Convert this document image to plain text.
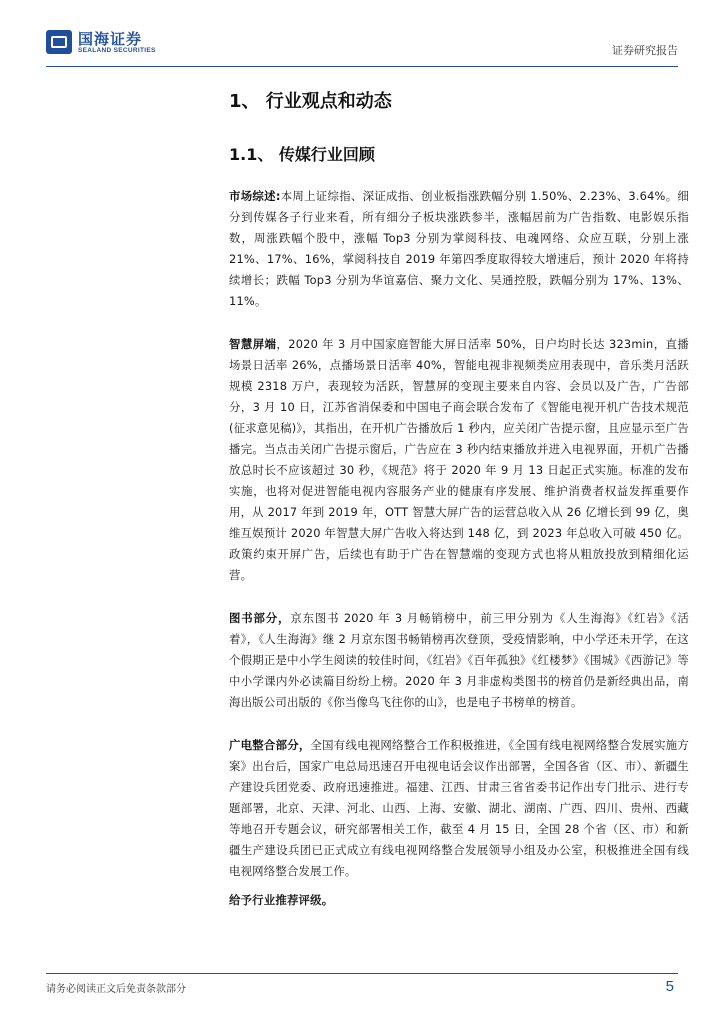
国海证券
SEALAND SECURITIES	证券研究报告
1、 行业观点和动态
1.1、 传媒行业回顾

市场综述:本周上证综指、深证成指、创业板指涨跌幅分别 1.50%、2.23%、3.64%。细分到传媒各子行业来看，所有细分子板块涨跌参半，涨幅居前为广告指数、电影娱乐指数，周涨跌幅个股中，涨幅 Top3 分别为掌阅科技、电魂网络、众应互联，分别上涨 21%、17%、16%，掌阅科技自 2019 年第四季度取得较大增速后，预计 2020 年将持续增长；跌幅 Top3 分别为华谊嘉信、聚力文化、吴通控股，跌幅分别为 17%、13%、11%。

智慧屏端，2020 年 3 月中国家庭智能大屏日活率 50%，日户均时长达 323min，直播场景日活率 26%，点播场景日活率 40%，智能电视非视频类应用表现中，音乐类月活跃规模 2318 万户，表现较为活跃，智慧屏的变现主要来自内容、会员以及广告，广告部分，3 月 10 日，江苏省消保委和中国电子商会联合发布了《智能电视开机广告技术规范(征求意见稿)》，其指出，在开机广告播放后 1 秒内，应关闭广告提示窗，且应显示至广告播完。当点击关闭广告提示窗后，广告应在 3 秒内结束播放并进入电视界面，开机广告播放总时长不应该超过 30 秒，《规范》将于 2020 年 9 月 13 日起正式实施。标准的发布实施，也将对促进智能电视内容服务产业的健康有序发展、维护消费者权益发挥重要作用，从 2017 年到 2019 年，OTT 智慧大屏广告的运营总收入从 26 亿增长到 99 亿，奥维互娱预计 2020 年智慧大屏广告收入将达到 148 亿，到 2023 年总收入可破 450 亿。政策约束开屏广告，后续也有助于广告在智慧端的变现方式也将从粗放投放到精细化运营。

图书部分，京东图书 2020 年 3 月畅销榜中，前三甲分别为《人生海海》《红岩》《活着》，《人生海海》继 2 月京东图书畅销榜再次登顶，受疫情影响，中小学还未开学，在这个假期正是中小学生阅读的较佳时间，《红岩》《百年孤独》《红楼梦》《围城》《西游记》等中小学课内外必读篇目纷纷上榜。2020 年 3 月非虚构类图书的榜首仍是新经典出品，南海出版公司出版的《你当像鸟飞往你的山》，也是电子书榜单的榜首。

广电整合部分，全国有线电视网络整合工作积极推进，《全国有线电视网络整合发展实施方案》出台后，国家广电总局迅速召开电视电话会议作出部署，全国各省（区、市）、新疆生产建设兵团党委、政府迅速推进。福建、江西、甘肃三省省委书记作出专门批示、进行专题部署，北京、天津、河北、山西、上海、安徽、湖北、湖南、广西、四川、贵州、西藏等地召开专题会议，研究部署相关工作，截至 4 月 15 日，全国 28 个省（区、市）和新疆生产建设兵团已正式成立有线电视网络整合发展领导小组及办公室，积极推进全国有线电视网络整合发展工作。

给予行业推荐评级。

请务必阅读正文后免责条款部分	5
